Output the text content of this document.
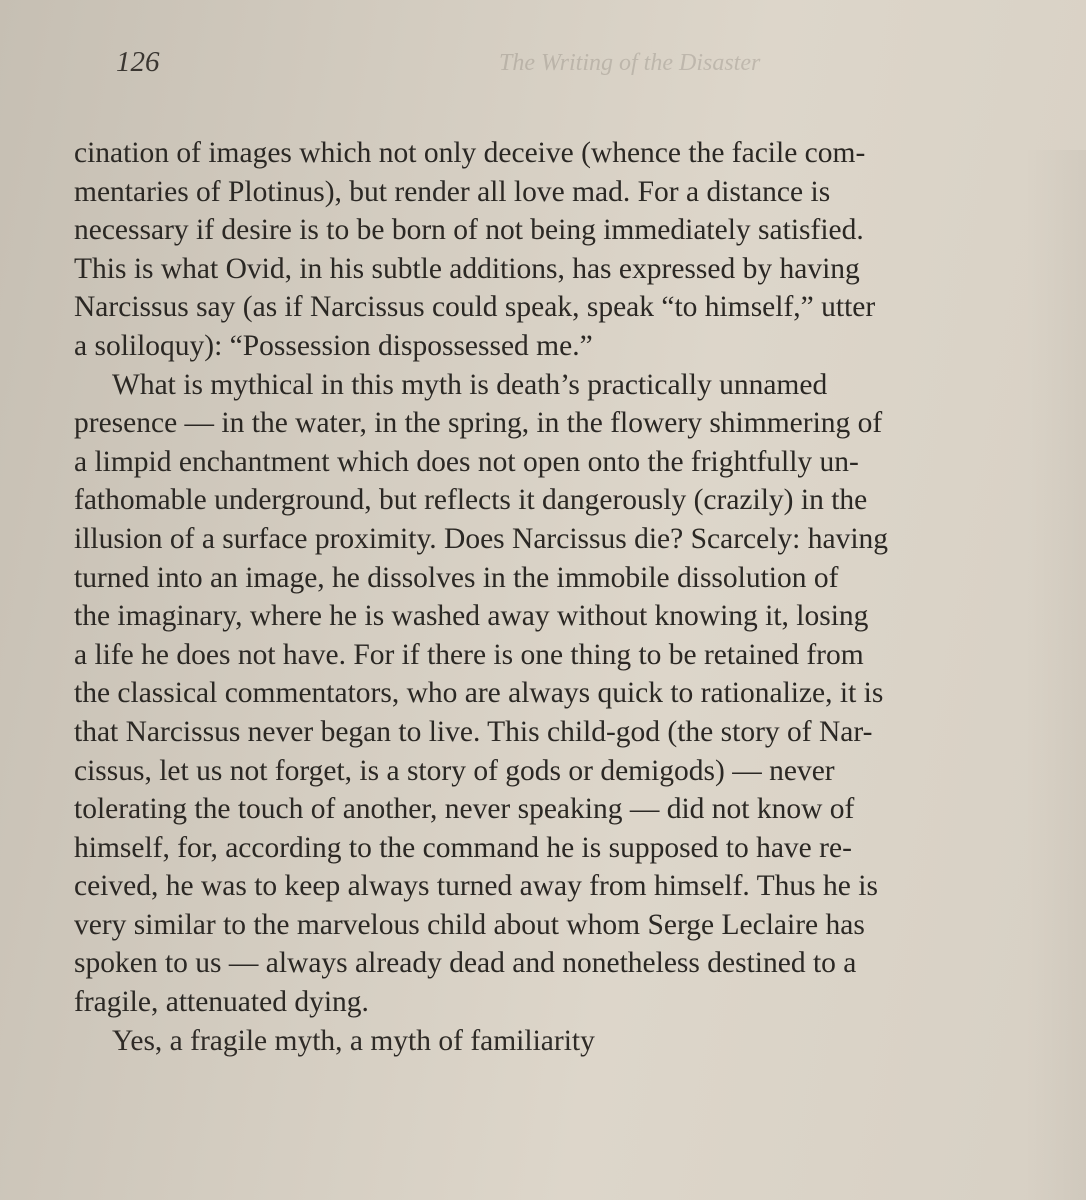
126	The Writing of the Disaster
cination of images which not only deceive (whence the facile com-
mentaries of Plotinus), but render all love mad. For a distance is
necessary if desire is to be born of not being immediately satisfied.
This is what Ovid, in his subtle additions, has expressed by having
Narcissus say (as if Narcissus could speak, speak “to himself,” utter
a soliloquy): “Possession dispossessed me.”
What is mythical in this myth is death’s practically unnamed
presence — in the water, in the spring, in the flowery shimmering of
a limpid enchantment which does not open onto the frightfully un-
fathomable underground, but reflects it dangerously (crazily) in the
illusion of a surface proximity. Does Narcissus die? Scarcely: having
turned into an image, he dissolves in the immobile dissolution of
the imaginary, where he is washed away without knowing it, losing
a life he does not have. For if there is one thing to be retained from
the classical commentators, who are always quick to rationalize, it is
that Narcissus never began to live. This child-god (the story of Nar-
cissus, let us not forget, is a story of gods or demigods) — never
tolerating the touch of another, never speaking — did not know of
himself, for, according to the command he is supposed to have re-
ceived, he was to keep always turned away from himself. Thus he is
very similar to the marvelous child about whom Serge Leclaire has
spoken to us — always already dead and nonetheless destined to a
fragile, attenuated dying.
Yes, a fragile myth, a myth of familiarity
